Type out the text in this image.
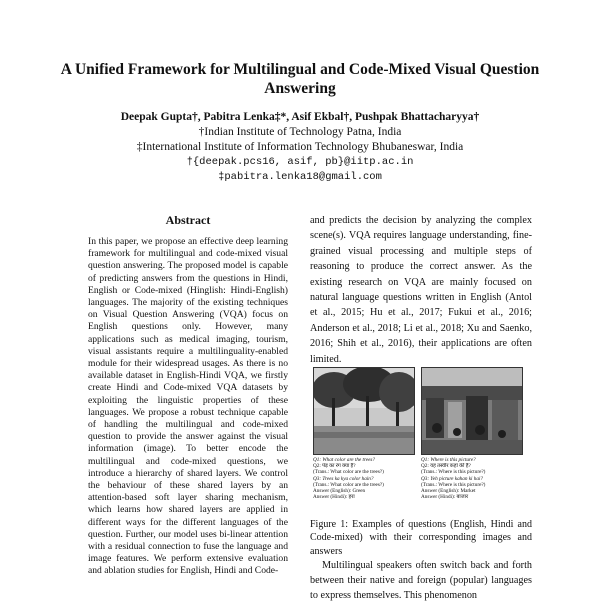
A Unified Framework for Multilingual and Code-Mixed Visual Question Answering
Deepak Gupta†, Pabitra Lenka‡*, Asif Ekbal†, Pushpak Bhattacharyya†
†Indian Institute of Technology Patna, India
‡International Institute of Information Technology Bhubaneswar, India
†{deepak.pcs16, asif, pb}@iitp.ac.in
‡pabitra.lenka18@gmail.com
Abstract

In this paper, we propose an effective deep learning framework for multilingual and code-mixed visual question answering. The proposed model is capable of predicting answers from the questions in Hindi, English or Code-mixed (Hinglish: Hindi-English) languages. The majority of the existing techniques on Visual Question Answering (VQA) focus on English questions only. However, many applications such as medical imaging, tourism, visual assistants require a multilinguality-enabled module for their widespread usages. As there is no available dataset in English-Hindi VQA, we firstly create Hindi and Code-mixed VQA datasets by exploiting the linguistic properties of these languages. We propose a robust technique capable of handling the multilingual and code-mixed question to provide the answer against the visual information (image). To better encode the multilingual and code-mixed questions, we introduce a hierarchy of shared layers. We control the behaviour of these shared layers by an attention-based soft layer sharing mechanism, which learns how shared layers are applied in different ways for the different languages of the question. Further, our model uses bi-linear attention with a residual connection to fuse the language and image features. We perform extensive evaluation and ablation studies for English, Hindi and Code-

and predicts the decision by analyzing the complex scene(s). VQA requires language understanding, fine-grained visual processing and multiple steps of reasoning to produce the correct answer. As the existing research on VQA are mainly focused on natural language questions written in English (Antol et al., 2015; Hu et al., 2017; Fukui et al., 2016; Anderson et al., 2018; Li et al., 2018; Xu and Saenko, 2016; Shih et al., 2016), their applications are often limited.

Q1: What color are the trees?
Q2: पेड़ का रंग क्या है?
(Trans.: What color are the trees?)
Q3: Trees ka kya color hain?
(Trans.: What color are the trees?)
Answer (English): Green
Answer (Hindi): हरा
Q1: Where is this picture?
Q2: यह तस्वीर कहां की है?
(Trans.: Where is this picture?)
Q3: Yeh picture kahan ki hai?
(Trans.: Where is this picture?)
Answer (English): Market
Answer (Hindi): बाजार
Figure 1: Examples of questions (English, Hindi and Code-mixed) with their corresponding images and answers

Multilingual speakers often switch back and forth between their native and foreign (popular) languages to express themselves. This phenomenon
